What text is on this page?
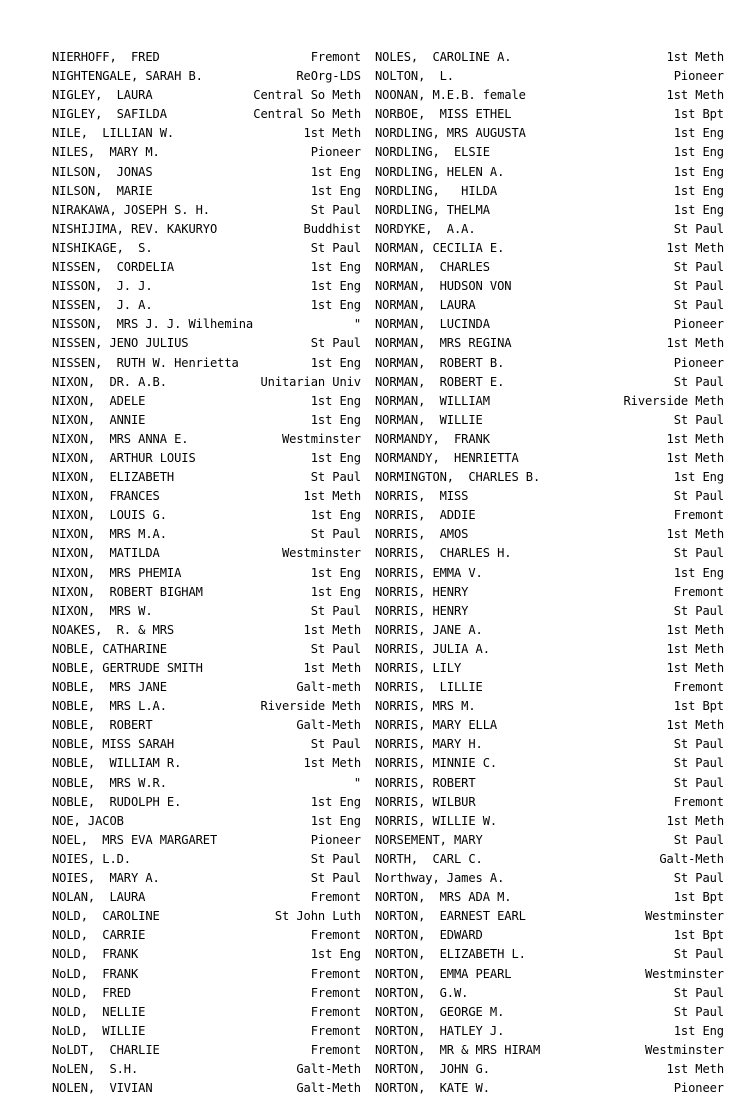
NIERHOFF,  FRED	Fremont
NIGHTENGALE, SARAH B.	ReOrg-LDS
NIGLEY,  LAURA	Central So Meth
NIGLEY,  SAFILDA	Central So Meth
NILE,  LILLIAN W.	1st Meth
NILES,  MARY M.	Pioneer
NILSON,  JONAS	1st Eng
NILSON,  MARIE	1st Eng
NIRAKAWA, JOSEPH S. H.	St Paul
NISHIJIMA, REV. KAKURYO	Buddhist
NISHIKAGE,  S.	St Paul
NISSEN,  CORDELIA	1st Eng
NISSON,  J. J.	1st Eng
NISSEN,  J. A.	1st Eng
NISSON,  MRS J. J. Wilhemina	"
NISSEN, JENO JULIUS	St Paul
NISSEN,  RUTH W. Henrietta	1st Eng
NIXON,  DR. A.B.	Unitarian Univ
NIXON,  ADELE	1st Eng
NIXON,  ANNIE	1st Eng
NIXON,  MRS ANNA E.	Westminster
NIXON,  ARTHUR LOUIS	1st Eng
NIXON,  ELIZABETH	St Paul
NIXON,  FRANCES	1st Meth
NIXON,  LOUIS G.	1st Eng
NIXON,  MRS M.A.	St Paul
NIXON,  MATILDA	Westminster
NIXON,  MRS PHEMIA	1st Eng
NIXON,  ROBERT BIGHAM	1st Eng
NIXON,  MRS W.	St Paul
NOAKES,  R. & MRS	1st Meth
NOBLE, CATHARINE	St Paul
NOBLE, GERTRUDE SMITH	1st Meth
NOBLE,  MRS JANE	Galt-meth
NOBLE,  MRS L.A.	Riverside Meth
NOBLE,  ROBERT	Galt-Meth
NOBLE, MISS SARAH	St Paul
NOBLE,  WILLIAM R.	1st Meth
NOBLE,  MRS W.R.	"
NOBLE,  RUDOLPH E.	1st Eng
NOE, JACOB	1st Eng
NOEL,  MRS EVA MARGARET	Pioneer
NOIES, L.D.	St Paul
NOIES,  MARY A.	St Paul
NOLAN,  LAURA	Fremont
NOLD,  CAROLINE	St John Luth
NOLD,  CARRIE	Fremont
NOLD,  FRANK	1st Eng
NoLD,  FRANK	Fremont
NOLD,  FRED	Fremont
NOLD,  NELLIE	Fremont
NoLD,  WILLIE	Fremont
NoLDT,  CHARLIE	Fremont
NoLEN,  S.H.	Galt-Meth
NOLEN,  VIVIAN	Galt-Meth
NOLES,  CAROLINE A.	1st Meth
NOLTON,  L.	Pioneer
NOONAN, M.E.B. female	1st Meth
NORBOE,  MISS ETHEL	1st Bpt
NORDLING, MRS AUGUSTA	1st Eng
NORDLING,  ELSIE	1st Eng
NORDLING, HELEN A.	1st Eng
NORDLING,   HILDA	1st Eng
NORDLING, THELMA	1st Eng
NORDYKE,  A.A.	St Paul
NORMAN, CECILIA E.	1st Meth
NORMAN,  CHARLES	St Paul
NORMAN,  HUDSON VON	St Paul
NORMAN,  LAURA	St Paul
NORMAN,  LUCINDA	Pioneer
NORMAN,  MRS REGINA	1st Meth
NORMAN,  ROBERT B.	Pioneer
NORMAN,  ROBERT E.	St Paul
NORMAN,  WILLIAM	Riverside Meth
NORMAN,  WILLIE	St Paul
NORMANDY,  FRANK	1st Meth
NORMANDY,  HENRIETTA	1st Meth
NORMINGTON,  CHARLES B.	1st Eng
NORRIS,  MISS	St Paul
NORRIS,  ADDIE	Fremont
NORRIS,  AMOS	1st Meth
NORRIS,  CHARLES H.	St Paul
NORRIS, EMMA V.	1st Eng
NORRIS, HENRY	Fremont
NORRIS, HENRY	St Paul
NORRIS, JANE A.	1st Meth
NORRIS, JULIA A.	1st Meth
NORRIS, LILY	1st Meth
NORRIS,  LILLIE	Fremont
NORRIS, MRS M.	1st Bpt
NORRIS, MARY ELLA	1st Meth
NORRIS, MARY H.	St Paul
NORRIS, MINNIE C.	St Paul
NORRIS, ROBERT	St Paul
NORRIS, WILBUR	Fremont
NORRIS, WILLIE W.	1st Meth
NORSEMENT, MARY	St Paul
NORTH,  CARL C.	Galt-Meth
Northway, James A.	St Paul
NORTON,  MRS ADA M.	1st Bpt
NORTON,  EARNEST EARL	Westminster
NORTON,  EDWARD	1st Bpt
NORTON,  ELIZABETH L.	St Paul
NORTON,  EMMA PEARL	Westminster
NORTON,  G.W.	St Paul
NORTON,  GEORGE M.	St Paul
NORTON,  HATLEY J.	1st Eng
NORTON,  MR & MRS HIRAM	Westminster
NORTON,  JOHN G.	1st Meth
NORTON,  KATE W.	Pioneer
